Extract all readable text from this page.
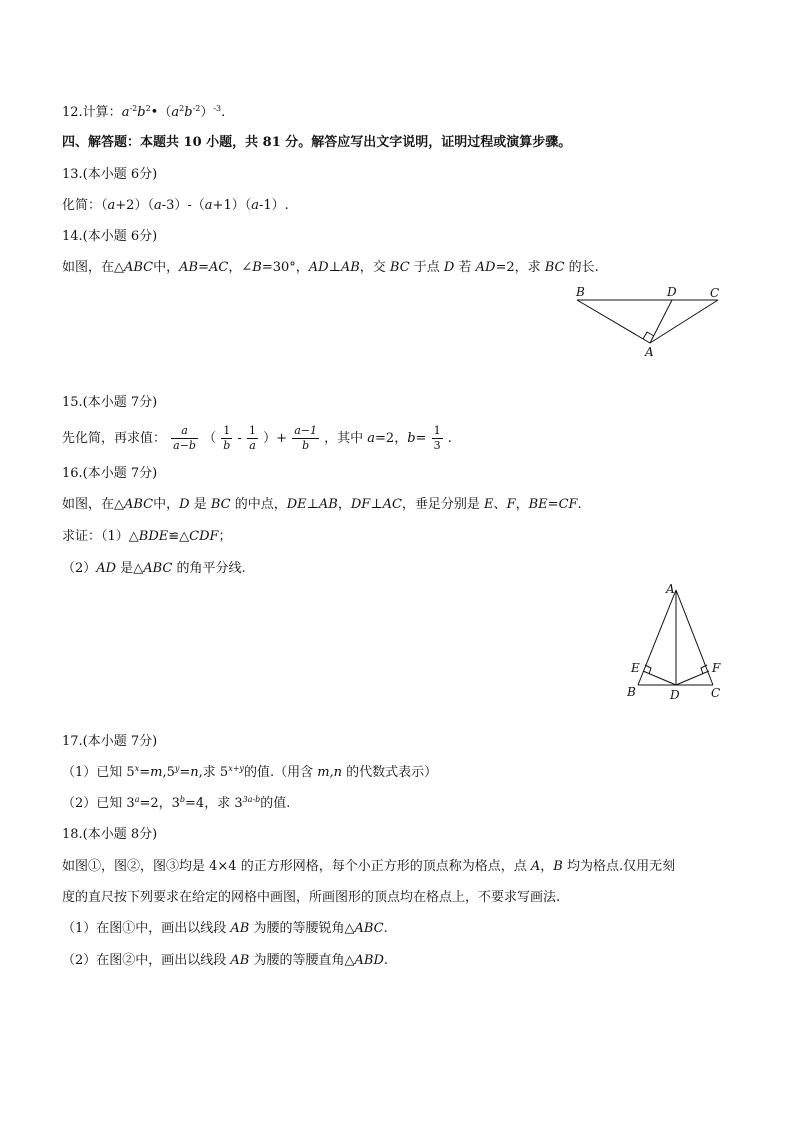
12.计算：$a^{-2}b^2•(a^2b^{-2})^{-3}$.
四、解答题：本题共 10 小题，共 81 分。解答应写出文字说明，证明过程或演算步骤。
13.(本小题 6分)
化简：（a+2）（a-3）-（a+1）（a-1）.
14.(本小题 6分)
如图，在△ABC中，AB=AC，∠B=30°，AD⊥AB，交 BC 于点 D 若 AD=2，求 BC 的长.
B	D	C
A
15.(本小题 7分)
先化简，再求值： $\frac{a}{a-b}$ （ $\frac{1}{b} - \frac{1}{a}$ ）+ $\frac{a-1}{b}$ ，其中 a=2，$b= \frac{1}{3}$ .
16.(本小题 7分)
如图，在△ABC中，D 是 BC 的中点，DE⊥AB，DF⊥AC，垂足分别是 E、F，BE=CF.
求证：（1）△BDE≌△CDF；
（2）AD 是△ABC 的角平分线.
A
E	F
B	D	C
17.(本小题 7分)
（1）已知 $5^x=m,5^y=n$,求 $5^{x+y}$的值.（用含 m,n 的代数式表示）
（2）已知 $3^a=2$，$3^b=4$，求 $3^{3a-b}$的值.
18.(本小题 8分)
如图①，图②，图③均是 4×4 的正方形网格，每个小正方形的顶点称为格点，点 A，B 均为格点.仅用无刻
度的直尺按下列要求在给定的网格中画图，所画图形的顶点均在格点上，不要求写画法.
（1）在图①中，画出以线段 AB 为腰的等腰锐角△ABC.
（2）在图②中，画出以线段 AB 为腰的等腰直角△ABD.
